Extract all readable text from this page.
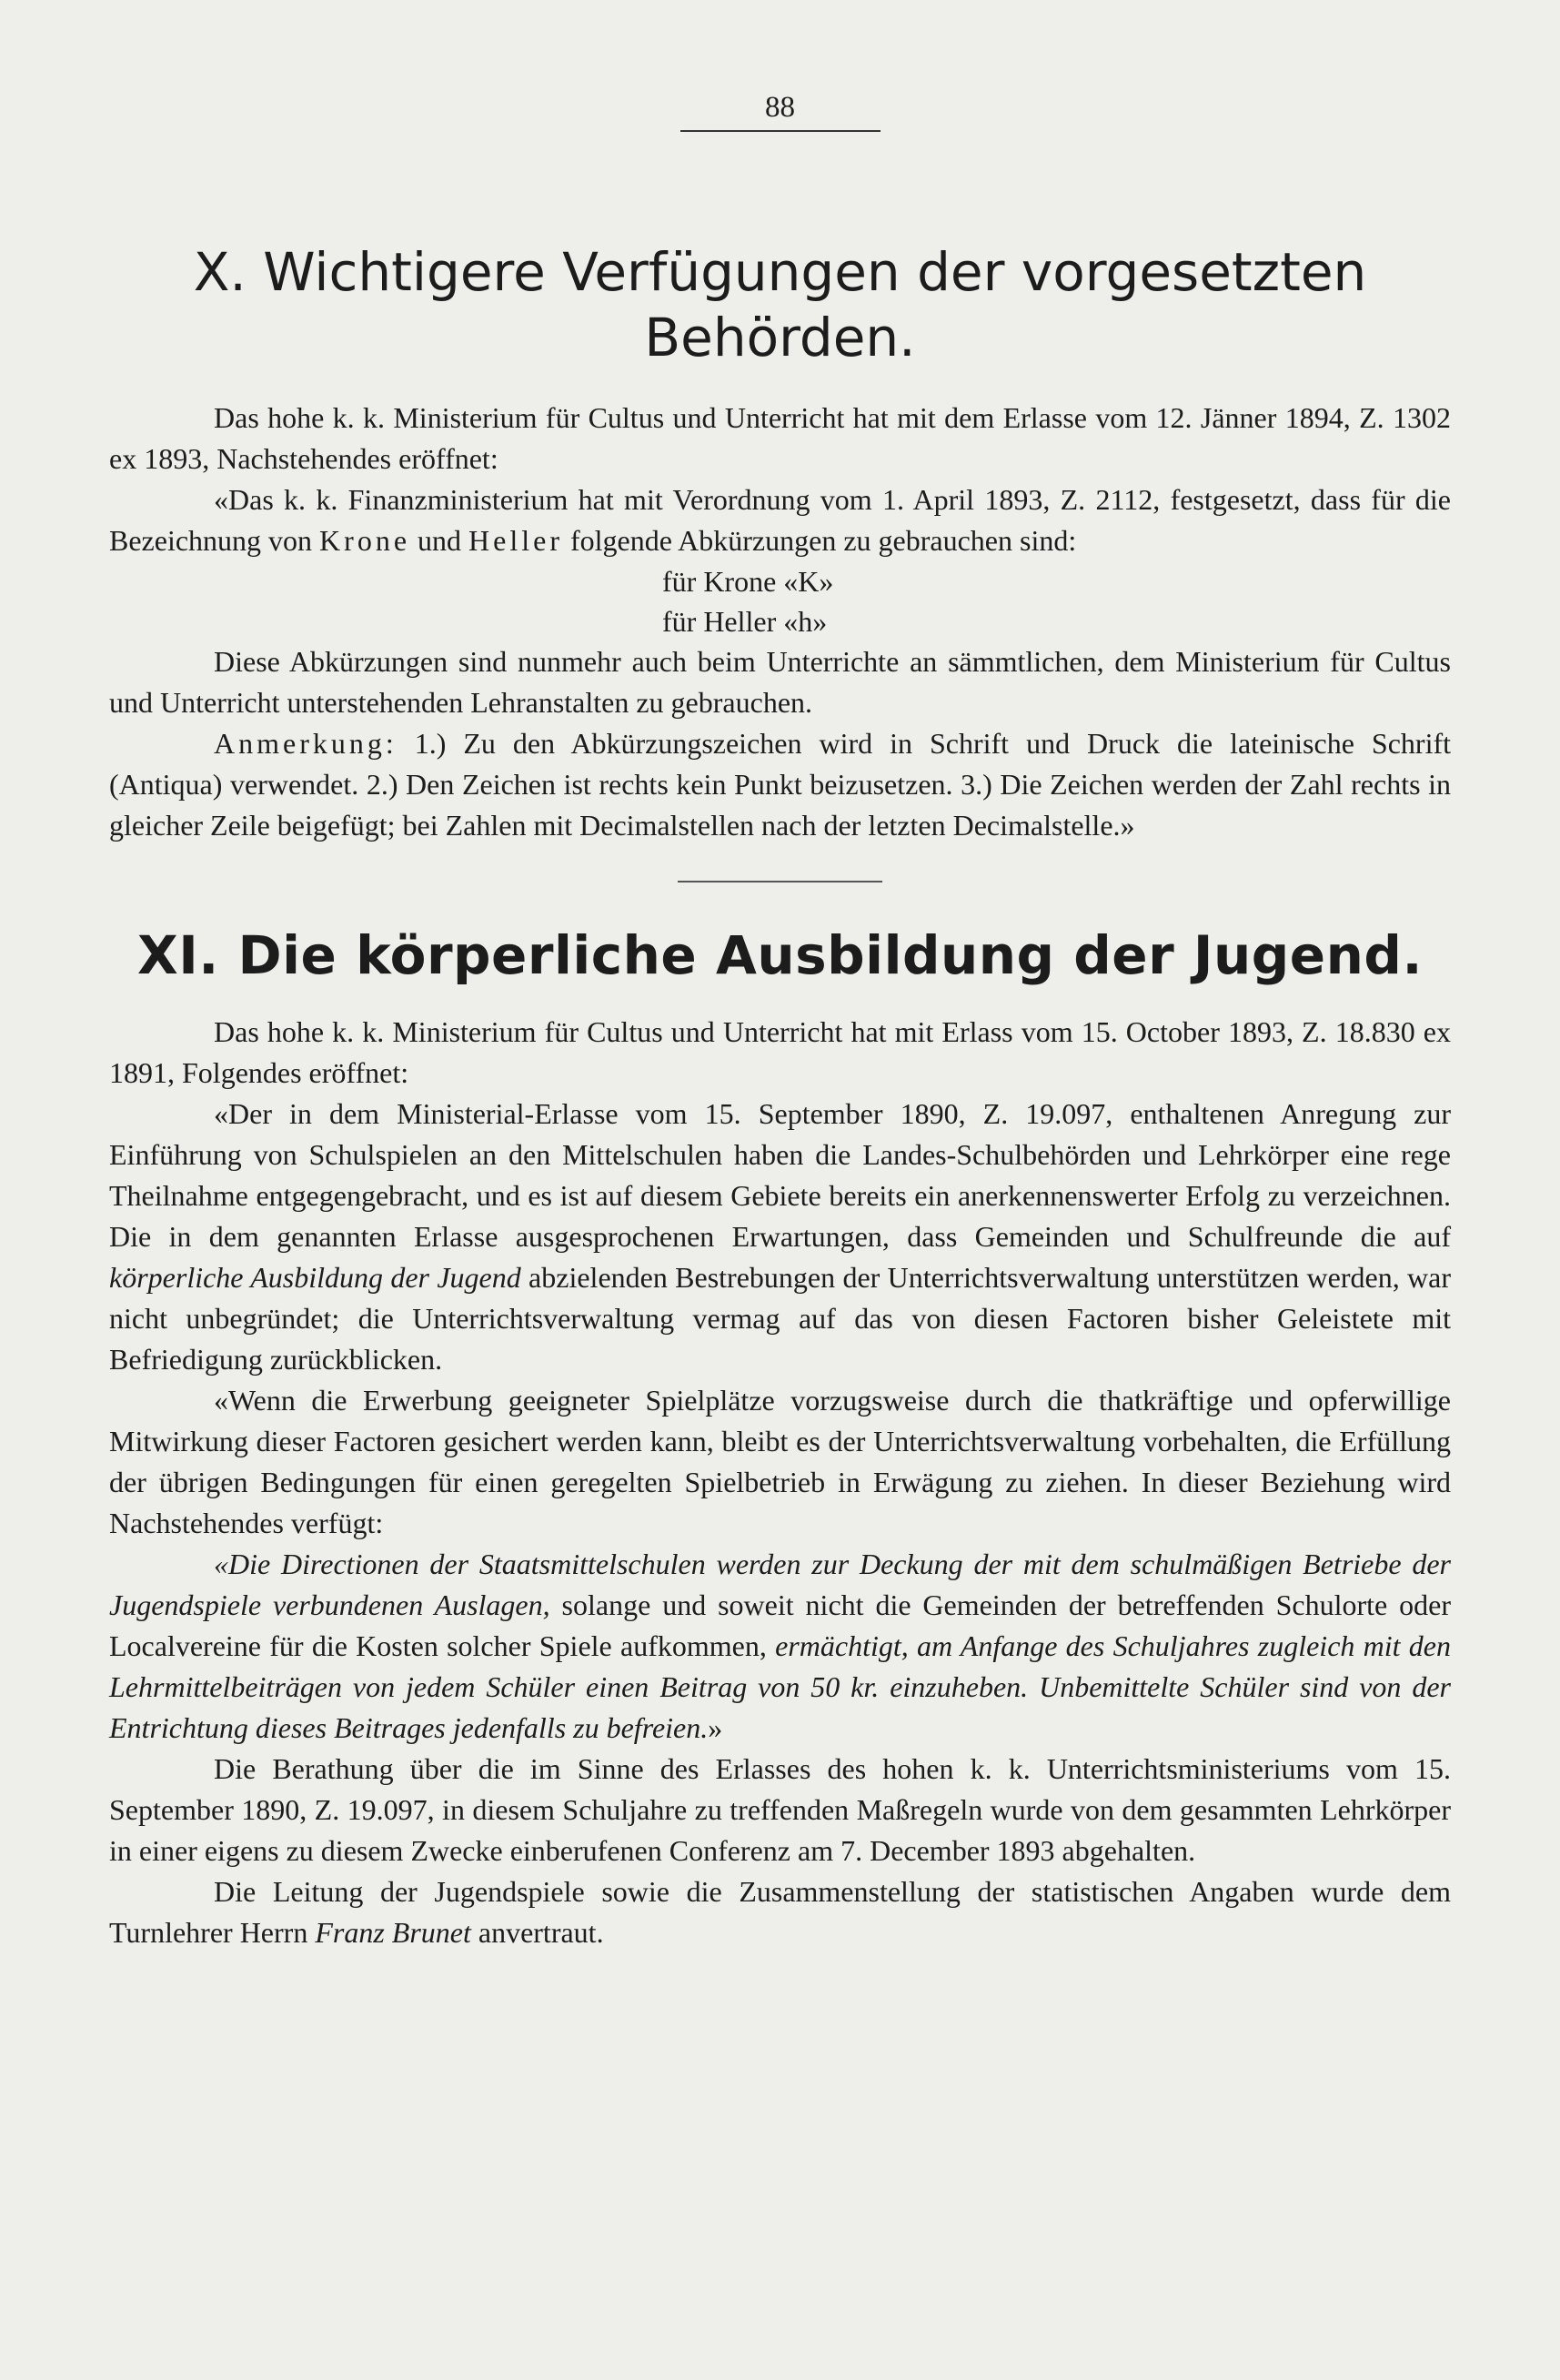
88
X. Wichtigere Verfügungen der vorgesetzten
Behörden.

Das hohe k. k. Ministerium für Cultus und Unterricht hat mit dem Erlasse vom 12. Jänner 1894, Z. 1302 ex 1893, Nachstehendes eröffnet:

«Das k. k. Finanzministerium hat mit Verordnung vom 1. April 1893, Z. 2112, festgesetzt, dass für die Bezeichnung von Krone und Heller folgende Abkürzungen zu gebrauchen sind:

für Krone «K»
für Heller «h»

Diese Abkürzungen sind nunmehr auch beim Unterrichte an sämmtlichen, dem Ministerium für Cultus und Unterricht unterstehenden Lehranstalten zu gebrauchen.

Anmerkung: 1.) Zu den Abkürzungszeichen wird in Schrift und Druck die lateinische Schrift (Antiqua) verwendet. 2.) Den Zeichen ist rechts kein Punkt beizusetzen. 3.) Die Zeichen werden der Zahl rechts in gleicher Zeile beigefügt; bei Zahlen mit Decimalstellen nach der letzten Decimalstelle.»

XI. Die körperliche Ausbildung der Jugend.

Das hohe k. k. Ministerium für Cultus und Unterricht hat mit Erlass vom 15. October 1893, Z. 18.830 ex 1891, Folgendes eröffnet:

«Der in dem Ministerial-Erlasse vom 15. September 1890, Z. 19.097, enthaltenen Anregung zur Einführung von Schulspielen an den Mittelschulen haben die Landes-Schulbehörden und Lehrkörper eine rege Theilnahme entgegengebracht, und es ist auf diesem Gebiete bereits ein anerkennenswerter Erfolg zu verzeichnen. Die in dem genannten Erlasse ausgesprochenen Erwartungen, dass Gemeinden und Schulfreunde die auf körperliche Ausbildung der Jugend abzielenden Bestrebungen der Unterrichtsverwaltung unterstützen werden, war nicht unbegründet; die Unterrichtsverwaltung vermag auf das von diesen Factoren bisher Geleistete mit Befriedigung zurückblicken.

«Wenn die Erwerbung geeigneter Spielplätze vorzugsweise durch die thatkräftige und opferwillige Mitwirkung dieser Factoren gesichert werden kann, bleibt es der Unterrichtsverwaltung vorbehalten, die Erfüllung der übrigen Bedingungen für einen geregelten Spielbetrieb in Erwägung zu ziehen. In dieser Beziehung wird Nachstehendes verfügt:

«Die Directionen der Staatsmittelschulen werden zur Deckung der mit dem schulmäßigen Betriebe der Jugendspiele verbundenen Auslagen, solange und soweit nicht die Gemeinden der betreffenden Schulorte oder Localvereine für die Kosten solcher Spiele aufkommen, ermächtigt, am Anfange des Schuljahres zugleich mit den Lehrmittelbeiträgen von jedem Schüler einen Beitrag von 50 kr. einzuheben. Unbemittelte Schüler sind von der Entrichtung dieses Beitrages jedenfalls zu befreien.»

Die Berathung über die im Sinne des Erlasses des hohen k. k. Unterrichtsministeriums vom 15. September 1890, Z. 19.097, in diesem Schuljahre zu treffenden Maßregeln wurde von dem gesammten Lehrkörper in einer eigens zu diesem Zwecke einberufenen Conferenz am 7. December 1893 abgehalten.

Die Leitung der Jugendspiele sowie die Zusammenstellung der statistischen Angaben wurde dem Turnlehrer Herrn Franz Brunet anvertraut.
